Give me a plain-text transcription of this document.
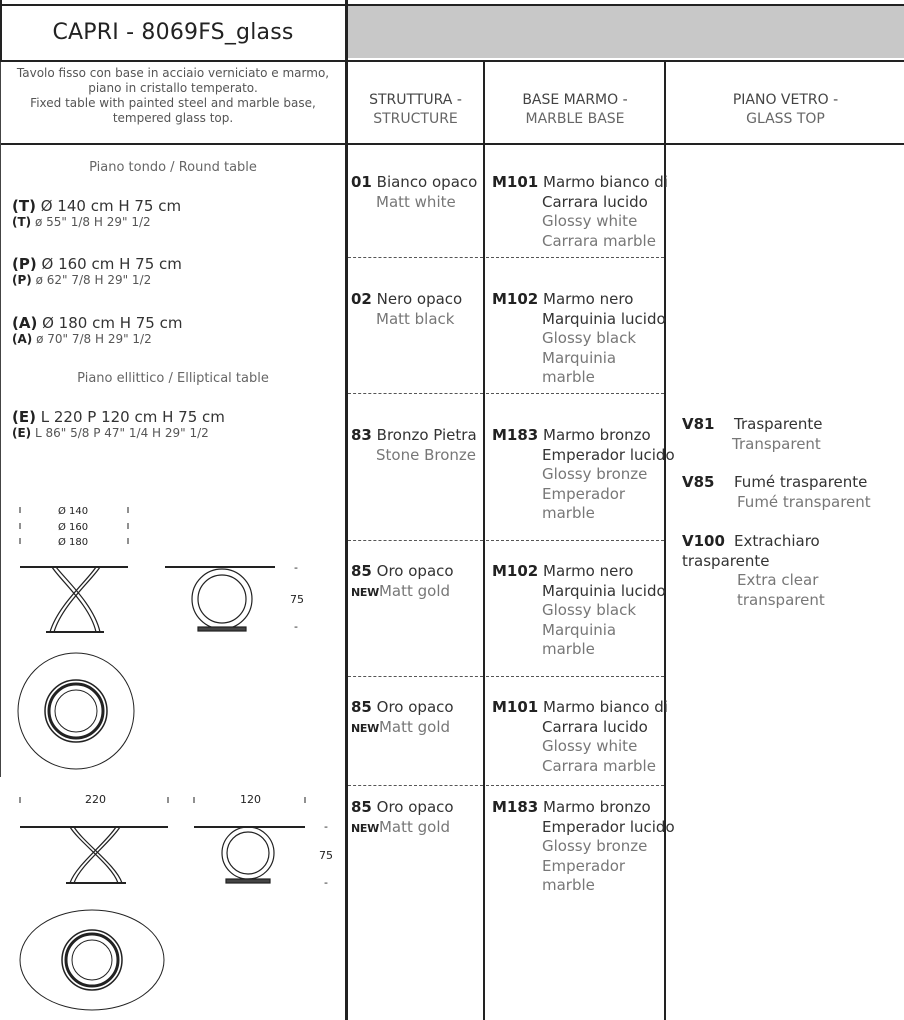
CAPRI - 8069FS_glass
Tavolo fisso con base in acciaio verniciato e marmo, piano in cristallo temperato.
Fixed table with painted steel and marble base, tempered glass top.
STRUTTURA -
STRUCTURE
BASE MARMO -
MARBLE BASE
PIANO VETRO -
GLASS TOP
Piano tondo / Round table
(T) Ø 140 cm H 75 cm
(T) ø 55" 1/8 H 29" 1/2
(P) Ø 160 cm H 75 cm
(P) ø 62" 7/8 H 29" 1/2
(A) Ø 180 cm H 75 cm
(A) ø 70" 7/8 H 29" 1/2
Piano ellittico / Elliptical table
(E) L 220 P 120 cm H 75 cm
(E) L 86" 5/8 P 47" 1/4 H 29" 1/2
Ø 140
Ø 160
Ø 180
-
75
-
220	120
-
75
-
01 Bianco opaco
Matt white
02 Nero opaco
Matt black
83 Bronzo Pietra
Stone Bronze
85 Oro opaco
NEWMatt gold
85 Oro opaco
NEWMatt gold
85 Oro opaco
NEWMatt gold
M101 Marmo bianco di
Carrara lucido
Glossy white
Carrara marble
M102 Marmo nero
Marquinia lucido
Glossy black
Marquinia
marble
M183 Marmo bronzo
Emperador lucido
Glossy bronze
Emperador
marble
M102 Marmo nero
Marquinia lucido
Glossy black
Marquinia
marble
M101 Marmo bianco di
Carrara lucido
Glossy white
Carrara marble
M183 Marmo bronzo
Emperador lucido
Glossy bronze
Emperador
marble
V81 Trasparente
Transparent
V85 Fumé trasparente
Fumé transparent
V100 Extrachiaro trasparente
Extra clear transparent
